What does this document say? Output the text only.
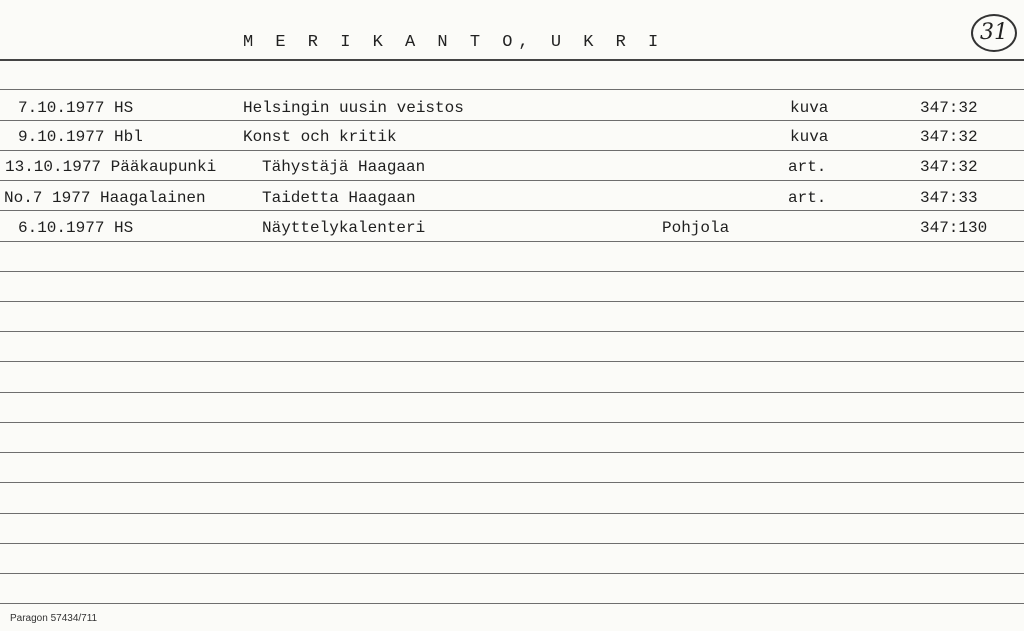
M E R I K A N T O, U K R I	31
7.10.1977 HS	Helsingin uusin veistos	kuva	347:32
9.10.1977 Hbl	Konst och kritik	kuva	347:32
13.10.1977 Pääkaupunki	Tähystäjä Haagaan	art.	347:32
No.7 1977 Haagalainen	Taidetta Haagaan	art.	347:33
6.10.1977 HS	Näyttelykalenteri	Pohjola	347:130
Paragon 57434/711
